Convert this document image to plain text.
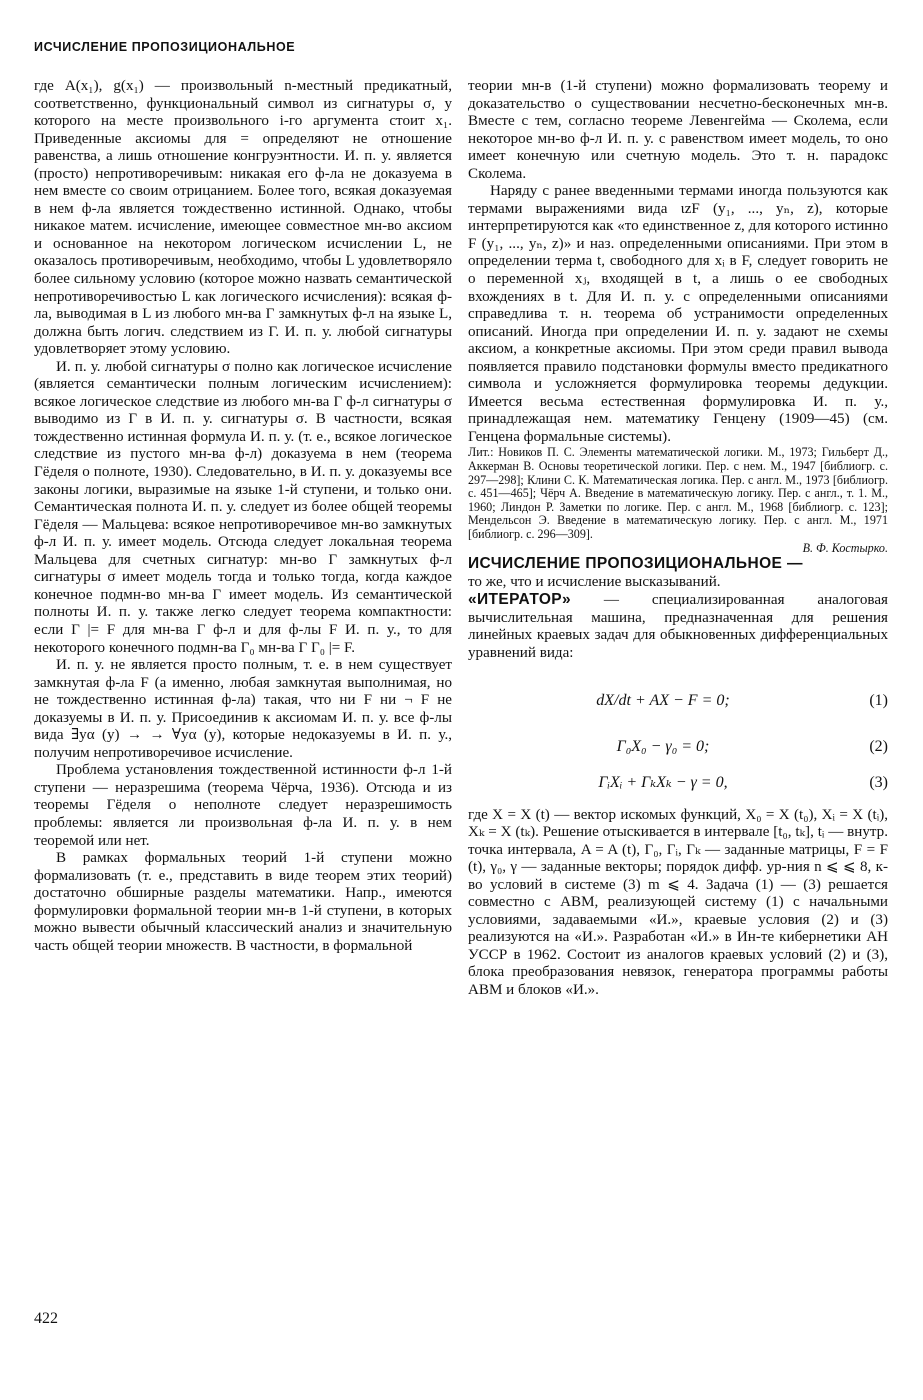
ИСЧИСЛЕНИЕ ПРОПОЗИЦИОНАЛЬНОЕ

где A(x₁), g(x₁) — произвольный n-местный предикатный, соответственно, функциональный символ из сигнатуры σ, у которого на месте произвольного i-го аргумента стоит x₁. Приведенные аксиомы для = определяют не отношение равенства, а лишь отношение конгруэнтности. И. п. у. является (просто) непротиворечивым: никакая его ф-ла не доказуема в нем вместе со своим отрицанием. Более того, всякая доказуемая в нем ф-ла является тождественно истинной. Однако, чтобы никакое матем. исчисление, имеющее совместное мн-во аксиом и основанное на некотором логическом исчислении L, не оказалось противоречивым, необходимо, чтобы L удовлетворяло более сильному условию (которое можно назвать семантической непротиворечивостью L как логического исчисления): всякая ф-ла, выводимая в L из любого мн-ва Γ замкнутых ф-л на языке L, должна быть логич. следствием из Γ. И. п. у. любой сигнатуры удовлетворяет этому условию.

И. п. у. любой сигнатуры σ полно как логическое исчисление (является семантически полным логическим исчислением): всякое логическое следствие из любого мн-ва Γ ф-л сигнатуры σ выводимо из Γ в И. п. у. сигнатуры σ. В частности, всякая тождественно истинная формула И. п. у. (т. е., всякое логическое следствие из пустого мн-ва ф-л) доказуема в нем (теорема Гёделя о полноте, 1930). Следовательно, в И. п. у. доказуемы все законы логики, выразимые на языке 1-й ступени, и только они. Семантическая полнота И. п. у. следует из более общей теоремы Гёделя — Мальцева: всякое непротиворечивое мн-во замкнутых ф-л И. п. у. имеет модель. Отсюда следует локальная теорема Мальцева для счетных сигнатур: мн-во Γ замкнутых ф-л сигнатуры σ имеет модель тогда и только тогда, когда каждое конечное подмн-во мн-ва Γ имеет модель. Из семантической полноты И. п. у. также легко следует теорема компактности: если Γ |= F для мн-ва Γ ф-л и для ф-лы F И. п. у., то для некоторого конечного подмн-ва Γ₀ мн-ва Γ Γ₀ |= F.

И. п. у. не является просто полным, т. е. в нем существует замкнутая ф-ла F (а именно, любая замкнутая выполнимая, но не тождественно истинная ф-ла) такая, что ни F ни ¬ F не доказуемы в И. п. у. Присоединив к аксиомам И. п. у. все ф-лы вида ∃yα (y) → → ∀yα (y), которые недоказуемы в И. п. у., получим непротиворечивое исчисление.

Проблема установления тождественной истинности ф-л 1-й ступени — неразрешима (теорема Чёрча, 1936). Отсюда и из теоремы Гёделя о неполноте следует неразрешимость проблемы: является ли произвольная ф-ла И. п. у. в нем теоремой или нет.

В рамках формальных теорий 1-й ступени можно формализовать (т. е., представить в виде теорем этих теорий) достаточно обширные разделы математики. Напр., имеются формулировки формальной теории мн-в 1-й ступени, в которых можно вывести обычный классический анализ и значительную часть общей теории множеств. В частности, в формальной

теории мн-в (1-й ступени) можно формализовать теорему и доказательство о существовании несчетно-бесконечных мн-в. Вместе с тем, согласно теореме Левенгейма — Сколема, если некоторое мн-во ф-л И. п. у. с равенством имеет модель, то оно имеет конечную или счетную модель. Это т. н. парадокс Сколема.

Наряду с ранее введенными термами иногда пользуются как термами выражениями вида ιzF (y₁, ..., yₙ, z), которые интерпретируются как «то единственное z, для которого истинно F (y₁, ..., yₙ, z)» и наз. определенными описаниями. При этом в определении терма t, свободного для xᵢ в F, следует говорить не о переменной xⱼ, входящей в t, а лишь о ее свободных вхождениях в t. Для И. п. у. с определенными описаниями справедлива т. н. теорема об устранимости определенных описаний. Иногда при определении И. п. у. задают не схемы аксиом, а конкретные аксиомы. При этом среди правил вывода появляется правило подстановки формулы вместо предикатного символа и усложняется формулировка теоремы дедукции. Имеется весьма естественная формулировка И. п. у., принадлежащая нем. математику Генцену (1909—45) (см. Генцена формальные системы).

Лит.: Новиков П. С. Элементы математической логики. М., 1973; Гильберт Д., Аккерман В. Основы теоретической логики. Пер. с нем. М., 1947 [библиогр. с. 297—298]; Клини С. К. Математическая логика. Пер. с англ. М., 1973 [библиогр. с. 451—465]; Чёрч А. Введение в математическую логику. Пер. с англ., т. 1. М., 1960; Линдон Р. Заметки по логике. Пер. с англ. М., 1968 [библиогр. с. 123]; Мендельсон Э. Введение в математическую логику. Пер. с англ. М., 1971 [библиогр. с. 296—309].

В. Ф. Костырко.

ИСЧИСЛЕНИЕ ПРОПОЗИЦИОНАЛЬНОЕ —
то же, что и исчисление высказываний.

«ИТЕРАТОР» — специализированная аналоговая вычислительная машина, предназначенная для решения линейных краевых задач для обыкновенных дифференциальных уравнений вида:

dX/dt + AX − F = 0;	(1)
Γ₀X₀ − γ₀ = 0;	(2)
ΓᵢXᵢ + ΓₖXₖ − γ = 0,	(3)

где X = X (t) — вектор искомых функций, X₀ = X (t₀), Xᵢ = X (tᵢ), Xₖ = X (tₖ). Решение отыскивается в интервале [t₀, tₖ], tᵢ — внутр. точка интервала, A = A (t), Γ₀, Γᵢ, Γₖ — заданные матрицы, F = F (t), γ₀, γ — заданные векторы; порядок дифф. ур-ния n ⩽ ⩽ 8, к-во условий в системе (3) m ⩽ 4. Задача (1) — (3) решается совместно с АВМ, реализующей систему (1) с начальными условиями, задаваемыми «И.», краевые условия (2) и (3) реализуются на «И.». Разработан «И.» в Ин-те кибернетики АН УССР в 1962. Состоит из аналогов краевых условий (2) и (3), блока преобразования невязок, генератора программы работы АВМ и блоков «И.».

422
